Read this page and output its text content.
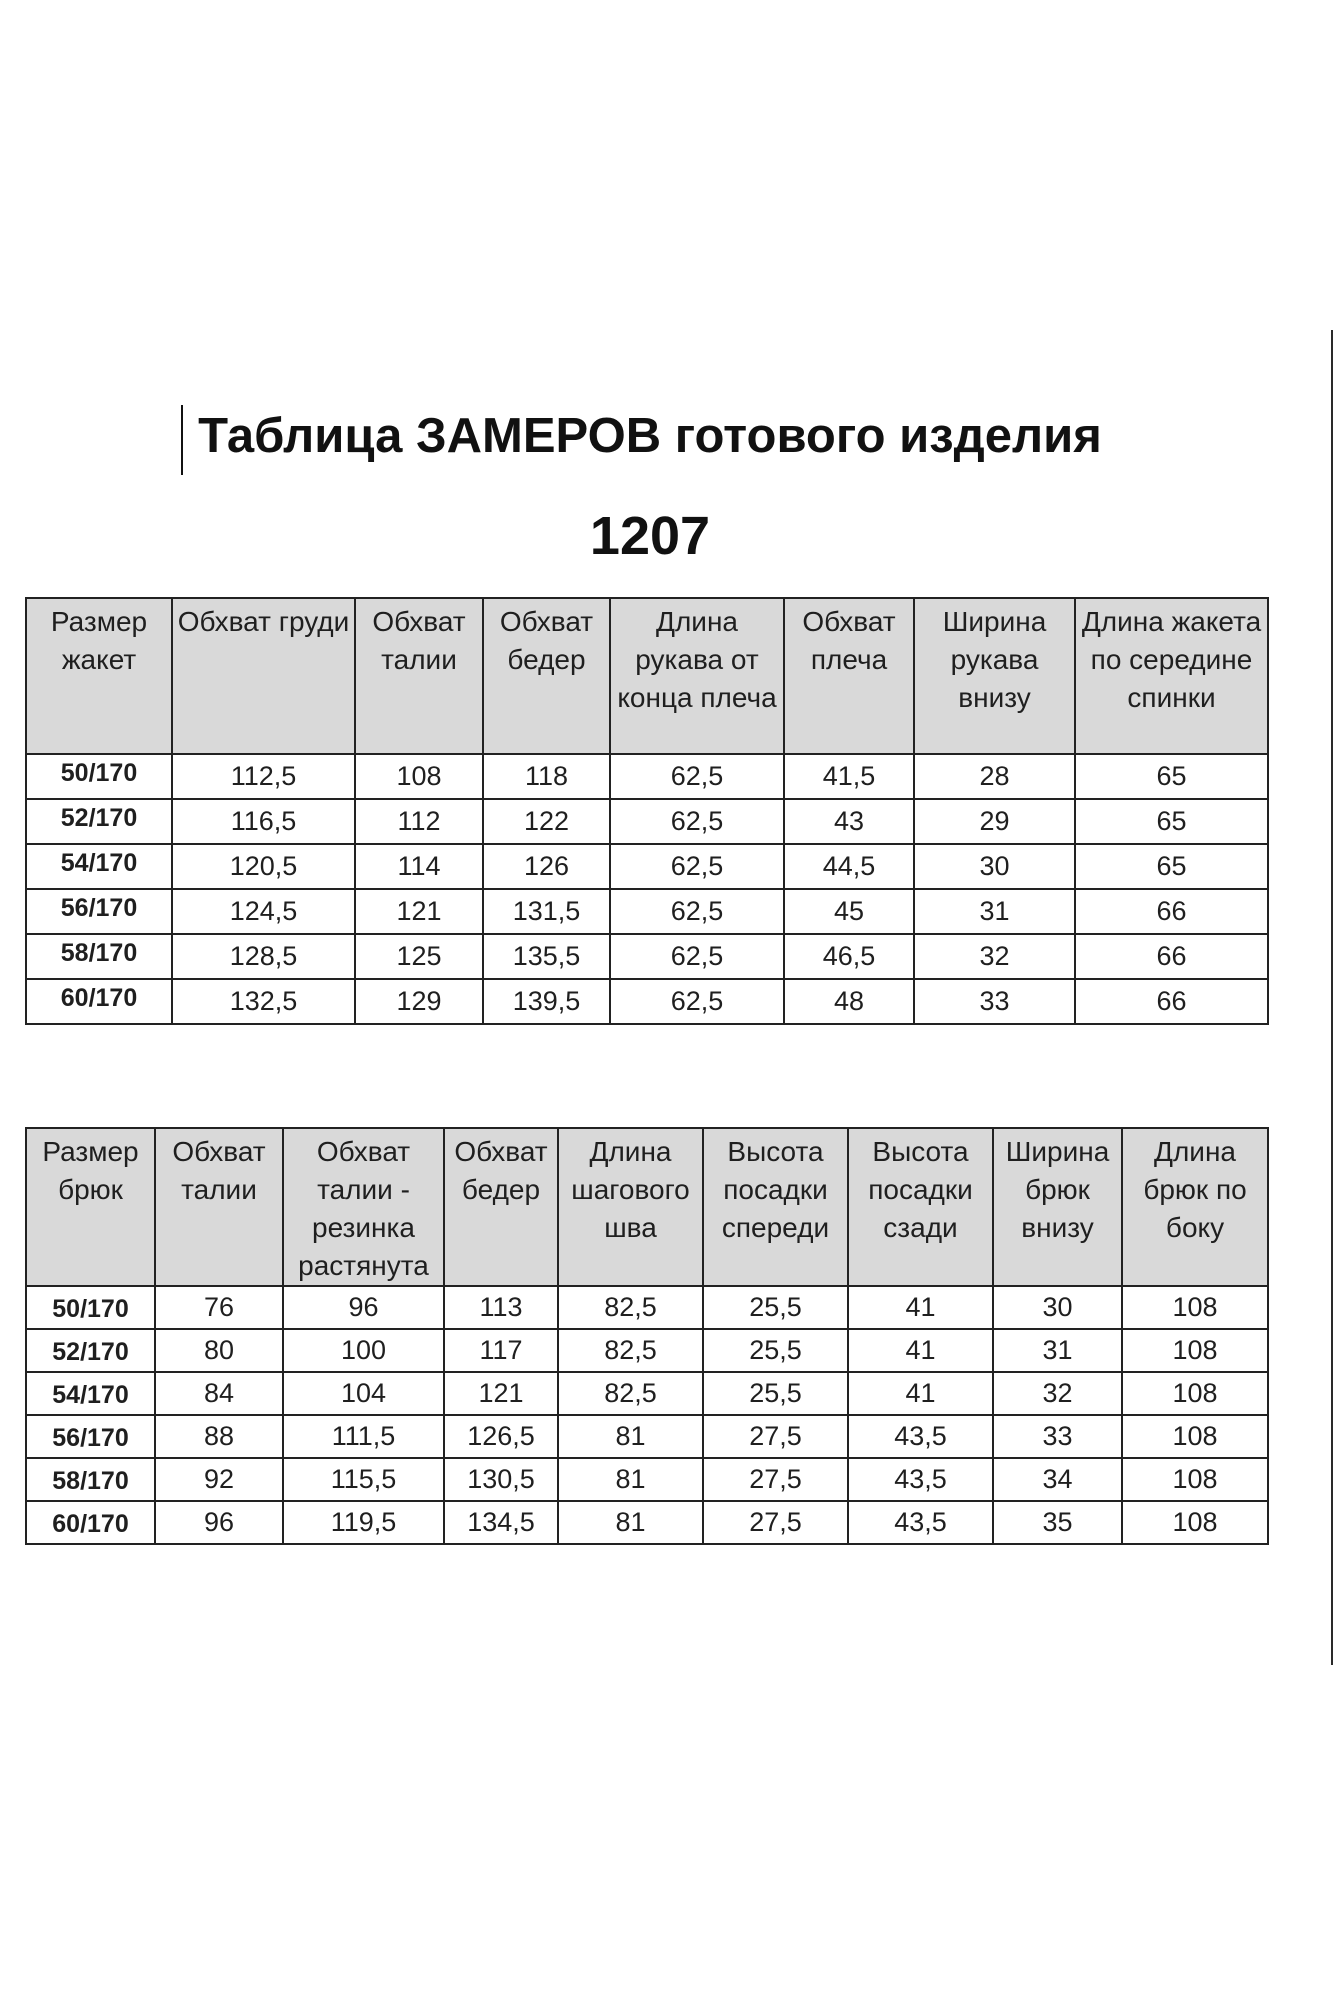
Таблица ЗАМЕРОВ готового изделия
1207
Размер жакет	Обхват груди	Обхват талии	Обхват бедер	Длина рукава от конца плеча	Обхват плеча	Ширина рукава внизу	Длина жакета по середине спинки
50/170	112,5	108	118	62,5	41,5	28	65
52/170	116,5	112	122	62,5	43	29	65
54/170	120,5	114	126	62,5	44,5	30	65
56/170	124,5	121	131,5	62,5	45	31	66
58/170	128,5	125	135,5	62,5	46,5	32	66
60/170	132,5	129	139,5	62,5	48	33	66
Размер брюк	Обхват талии	Обхват талии - резинка растянута	Обхват бедер	Длина шагового шва	Высота посадки спереди	Высота посадки сзади	Ширина брюк внизу	Длина брюк по боку
50/170	76	96	113	82,5	25,5	41	30	108
52/170	80	100	117	82,5	25,5	41	31	108
54/170	84	104	121	82,5	25,5	41	32	108
56/170	88	111,5	126,5	81	27,5	43,5	33	108
58/170	92	115,5	130,5	81	27,5	43,5	34	108
60/170	96	119,5	134,5	81	27,5	43,5	35	108
